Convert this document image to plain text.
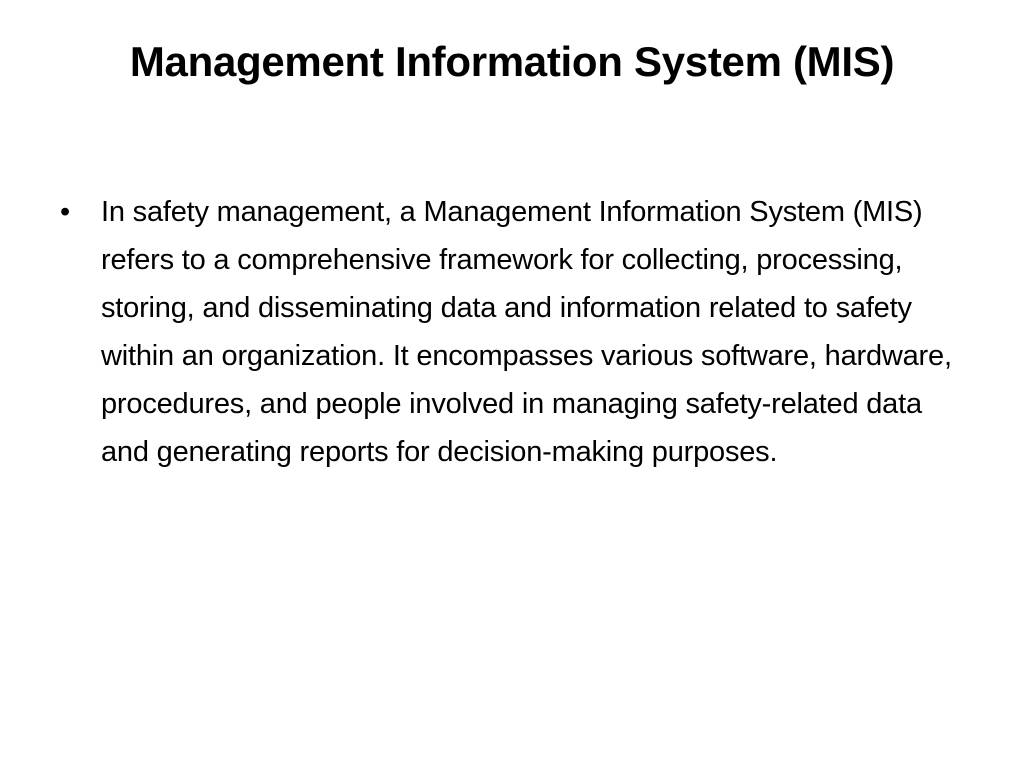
Management Information System (MIS)
•	In safety management, a Management Information System (MIS) refers to a comprehensive framework for collecting, processing, storing, and disseminating data and information related to safety within an organization. It encompasses various software, hardware, procedures, and people involved in managing safety-related data and generating reports for decision-making purposes.
